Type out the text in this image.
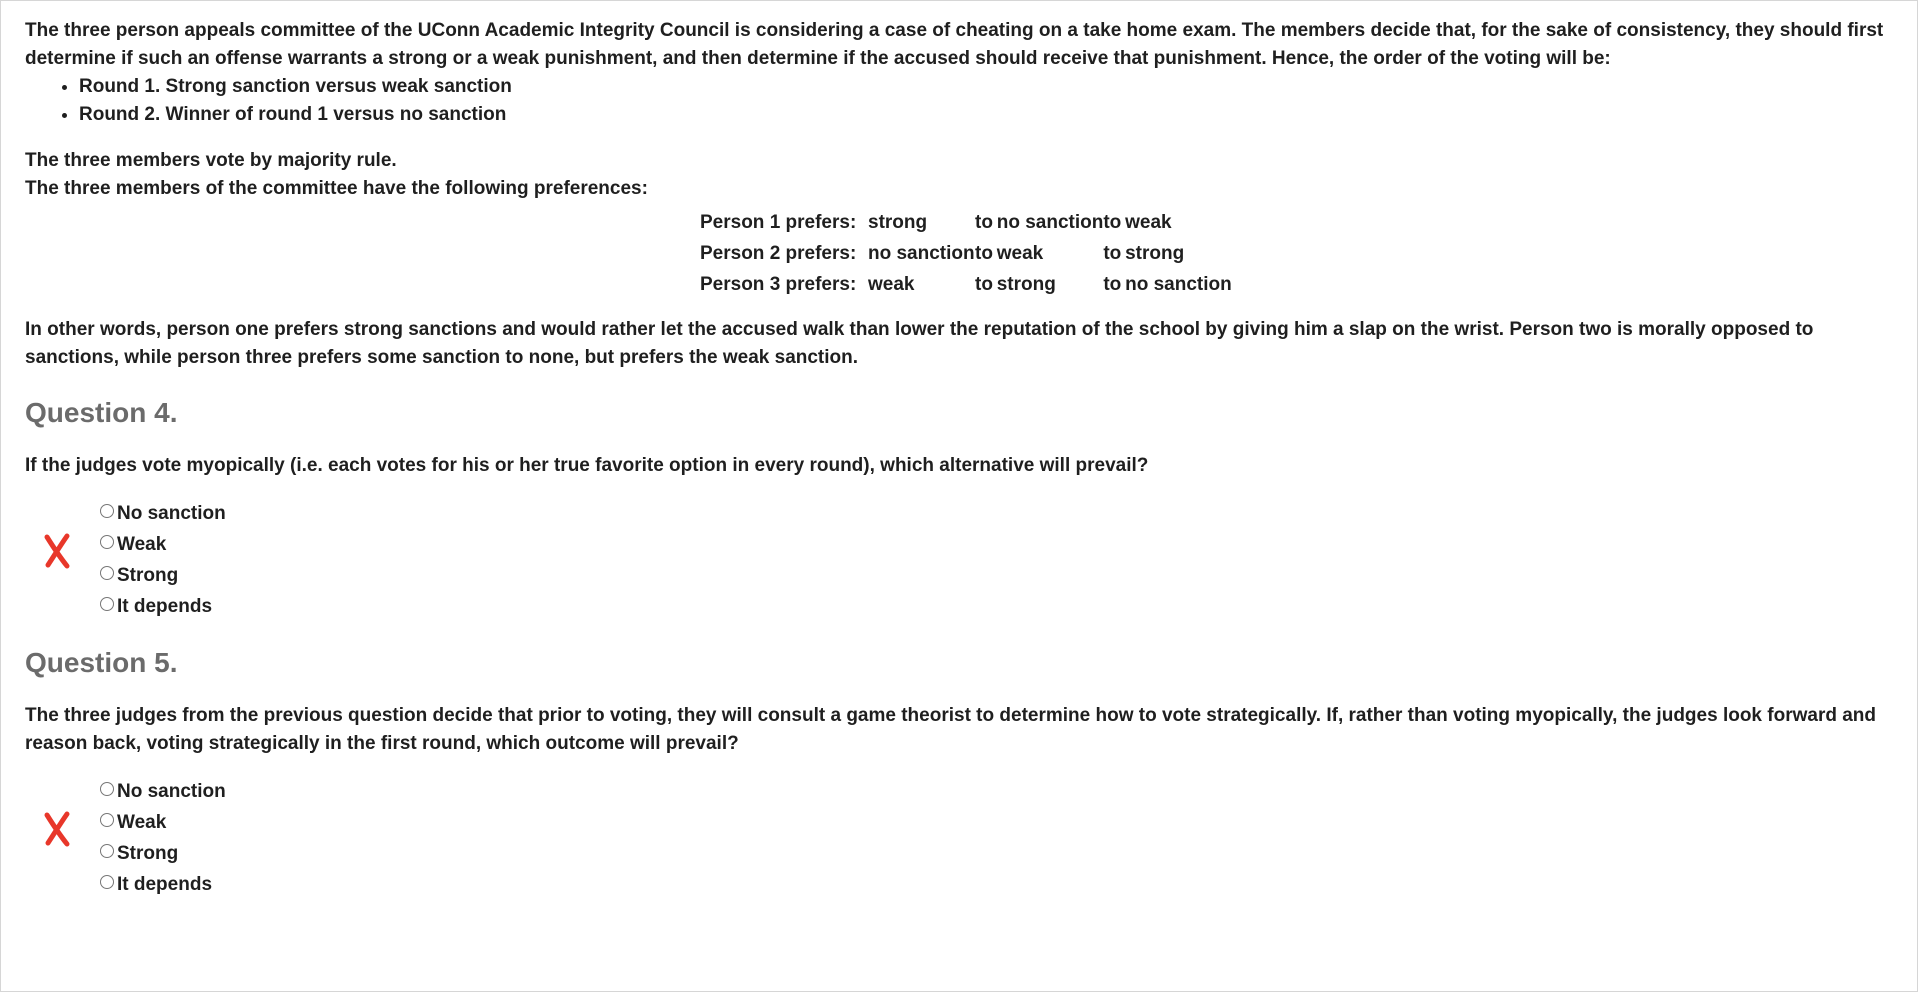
The three person appeals committee of the UConn Academic Integrity Council is considering a case of cheating on a take home exam. The members decide that, for the sake of consistency, they should first determine if such an offense warrants a strong or a weak punishment, and then determine if the accused should receive that punishment. Hence, the order of the voting will be:

• Round 1. Strong sanction versus weak sanction
• Round 2. Winner of round 1 versus no sanction

The three members vote by majority rule.

The three members of the committee have the following preferences:

Person 1 prefers:	strong	to no sanction	to weak
Person 2 prefers:	no sanction	to weak	to strong
Person 3 prefers:	weak	to strong	to no sanction

In other words, person one prefers strong sanctions and would rather let the accused walk than lower the reputation of the school by giving him a slap on the wrist. Person two is morally opposed to sanctions, while person three prefers some sanction to none, but prefers the weak sanction.

Question 4.

If the judges vote myopically (i.e. each votes for his or her true favorite option in every round), which alternative will prevail?

No sanction
Weak
Strong
It depends
Question 5.

The three judges from the previous question decide that prior to voting, they will consult a game theorist to determine how to vote strategically. If, rather than voting myopically, the judges look forward and reason back, voting strategically in the first round, which outcome will prevail?

No sanction
Weak
Strong
It depends
